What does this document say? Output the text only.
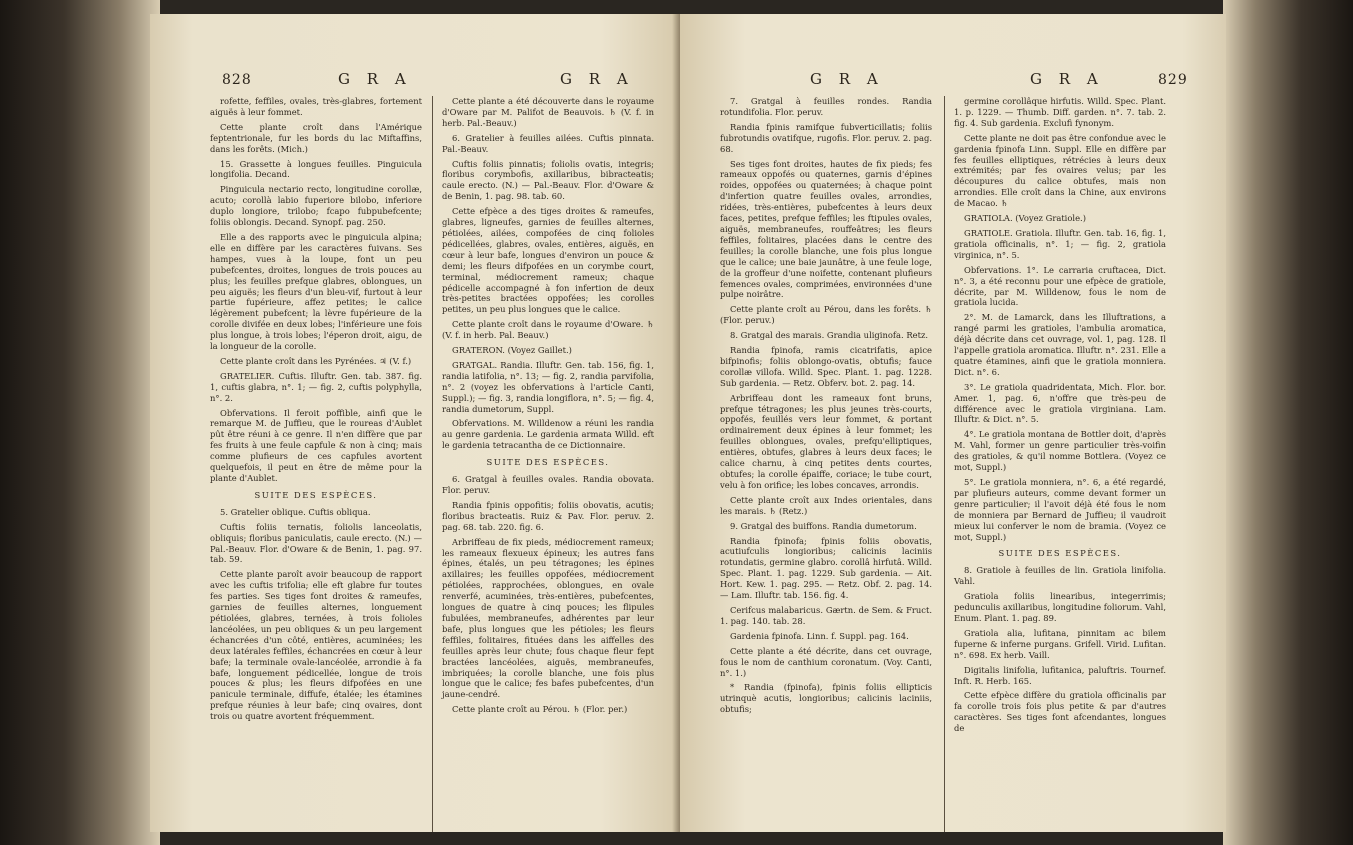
828	G R A	G R A

rofette, feffiles, ovales, très-glabres, fortement aiguës à leur fommet.

Cette plante croît dans l'Amérique feptentrionale, fur les bords du lac Miftaffins, dans les forêts. (Mich.)

15. Grassette à longues feuilles. Pinguicula longifolia. Decand.

Pinguicula nectario recto, longitudine corollæ, acuto; corollà labio fuperiore bilobo, inferiore duplo longiore, trilobo; fcapo fubpubefcente; foliis oblongis. Decand. Synopf. pag. 250.

Elle a des rapports avec le pinguicula alpina; elle en diffère par les caractères fuivans. Ses hampes, vues à la loupe, font un peu pubefcentes, droites, longues de trois pouces au plus; les feuilles prefque glabres, oblongues, un peu aiguës; les fleurs d'un bleu-vif, furtout à leur partie fupérieure, affez petites; le calice légèrement pubefcent; la lèvre fupérieure de la corolle divifée en deux lobes; l'inférieure une fois plus longue, à trois lobes; l'éperon droit, aigu, de la longueur de la corolle.

Cette plante croît dans les Pyrénées. ♃ (V. f.)

GRATELIER. Cuftis. Illuftr. Gen. tab. 387. fig. 1, cuftis glabra, n°. 1; — fig. 2, cuftis polyphylla, n°. 2.

Obfervations. Il feroit poffible, ainfi que le remarque M. de Juffieu, que le roureas d'Aublet pût être réuni à ce genre. Il n'en diffère que par fes fruits à une feule capfule & non à cinq; mais comme plufieurs de ces capfules avortent quelquefois, il peut en être de même pour la plante d'Aublet.

SUITE DES ESPÈCES.

5. Gratelier oblique. Cuftis obliqua.

Cuftis foliis ternatis, foliolis lanceolatis, obliquis; floribus paniculatis, caule erecto. (N.) — Pal.-Beauv. Flor. d'Oware & de Benin, 1. pag. 97. tab. 59.

Cette plante paroît avoir beaucoup de rapport avec les cuftis trifolia; elle eft glabre fur toutes fes parties. Ses tiges font droites & rameufes, garnies de feuilles alternes, longuement pétiolées, glabres, ternées, à trois folioles lancéolées, un peu obliques & un peu largement échancrées d'un côté, entières, acuminées; les deux latérales feffiles, échancrées en cœur à leur bafe; la terminale ovale-lancéolée, arrondie à fa bafe, longuement pédicellée, longue de trois pouces & plus; les fleurs difpofées en une panicule terminale, diffufe, étalée; les étamines prefque réunies à leur bafe; cinq ovaires, dont trois ou quatre avortent fréquemment.

Cette plante a été découverte dans le royaume d'Oware par M. Palifot de Beauvois. ♄ (V. f. in herb. Pal.-Beauv.)

6. Gratelier à feuilles ailées. Cuftis pinnata. Pal.-Beauv.

Cuftis foliis pinnatis; foliolis ovatis, integris; floribus corymbofis, axillaribus, bibracteatis; caule erecto. (N.) — Pal.-Beauv. Flor. d'Oware & de Benin, 1. pag. 98. tab. 60.

Cette efpèce a des tiges droites & rameufes, glabres, ligneufes, garnies de feuilles alternes, pétiolées, ailées, compofées de cinq folioles pédicellées, glabres, ovales, entières, aiguës, en cœur à leur bafe, longues d'environ un pouce & demi; les fleurs difpofées en un corymbe court, terminal, médiocrement rameux; chaque pédicelle accompagné à fon infertion de deux très-petites bractées oppofées; les corolles petites, un peu plus longues que le calice.

Cette plante croît dans le royaume d'Oware. ♄ (V. f. in herb. Pal. Beauv.)

GRATERON. (Voyez Gaillet.)

GRATGAL. Randia. Illuftr. Gen. tab. 156, fig. 1, randia latifolia, n°. 13; — fig. 2, randia parvifolia, n°. 2 (voyez les obfervations à l'article Canti, Suppl.); — fig. 3, randia longiflora, n°. 5; — fig. 4, randia dumetorum, Suppl.

Obfervations. M. Willdenow a réuni les randia au genre gardenia. Le gardenia armata Willd. eft le gardenia tetracantha de ce Dictionnaire.

SUITE DES ESPÈCES.

6. Gratgal à feuilles ovales. Randia obovata. Flor. peruv.

Randia fpinis oppofitis; foliis obovatis, acutis; floribus bracteatis. Ruiz & Pav. Flor. peruv. 2. pag. 68. tab. 220. fig. 6.

Arbriffeau de fix pieds, médiocrement rameux; les rameaux flexueux épineux; les autres fans épines, étalés, un peu tétragones; les épines axillaires; les feuilles oppofées, médiocrement pétiolées, rapprochées, oblongues, en ovale renverfé, acuminées, très-entières, pubefcentes, longues de quatre à cinq pouces; les flipules fubulées, membraneufes, adhérentes par leur bafe, plus longues que les pétioles; les fleurs feffiles, folitaires, fituées dans les aiffelles des feuilles après leur chute; fous chaque fleur fept bractées lancéolées, aiguës, membraneufes, imbriquées; la corolle blanche, une fois plus longue que le calice; fes bafes pubefcentes, d'un jaune-cendré.

Cette plante croît au Pérou. ♄ (Flor. per.)

G R A	G R A	829

7. Gratgal à feuilles rondes. Randia rotundifolia. Flor. peruv.

Randia fpinis ramifque fubverticillatis; foliis fubrotundis ovatifque, rugofis. Flor. peruv. 2. pag. 68.

Ses tiges font droites, hautes de fix pieds; fes rameaux oppofés ou quaternes, garnis d'épines roides, oppofées ou quaternées; à chaque point d'infertion quatre feuilles ovales, arrondies, ridées, très-entières, pubefcentes à leurs deux faces, petites, prefque feffiles; les ftipules ovales, aiguës, membraneufes, rouffeâtres; les fleurs feffiles, folitaires, placées dans le centre des feuilles; la corolle blanche, une fois plus longue que le calice; une baie jaunâtre, à une feule loge, de la groffeur d'une noifette, contenant plufieurs femences ovales, comprimées, environnées d'une pulpe noirâtre.

Cette plante croît au Pérou, dans les forêts. ♄ (Flor. peruv.)

8. Gratgal des marais. Grandia uliginofa. Retz.

Randia fpinofa, ramis cicatrifatis, apice bifpinofis; foliis oblongo-ovatis, obtufis; fauce corollæ villofa. Willd. Spec. Plant. 1. pag. 1228. Sub gardenia. — Retz. Obferv. bot. 2. pag. 14.

Arbriffeau dont les rameaux font bruns, prefque tétragones; les plus jeunes très-courts, oppofés, feuillés vers leur fommet, & portant ordinairement deux épines à leur fommet; les feuilles oblongues, ovales, prefqu'elliptiques, entières, obtufes, glabres à leurs deux faces; le calice charnu, à cinq petites dents courtes, obtufes; la corolle épaiffe, coriace; le tube court, velu à fon orifice; les lobes concaves, arrondis.

Cette plante croît aux Indes orientales, dans les marais. ♄ (Retz.)

9. Gratgal des buiffons. Randia dumetorum.

Randia fpinofa; fpinis foliis obovatis, acutiufculis longioribus; calicinis laciniis rotundatis, germine glabro. corollâ hirfutâ. Willd. Spec. Plant. 1. pag. 1229. Sub gardenia. — Ait. Hort. Kew. 1. pag. 295. — Retz. Obf. 2. pag. 14. — Lam. Illuftr. tab. 156. fig. 4.

Cerifcus malabaricus. Gærtn. de Sem. & Fruct. 1. pag. 140. tab. 28.

Gardenia fpinofa. Linn. f. Suppl. pag. 164.

Cette plante a été décrite, dans cet ouvrage, fous le nom de canthium coronatum. (Voy. Canti, n°. 1.)

* Randia (fpinofa), fpinis foliis ellipticis utrinquè acutis, longioribus; calicinis laciniis, obtufis;

germine corollâque hirfutis. Willd. Spec. Plant. 1. p. 1229. — Thumb. Diff. garden. n°. 7. tab. 2. fig. 4. Sub gardenia. Exclufi fynonym.

Cette plante ne doit pas être confondue avec le gardenia fpinofa Linn. Suppl. Elle en diffère par fes feuilles elliptiques, rétrécies à leurs deux extrémités; par fes ovaires velus; par les découpures du calice obtufes, mais non arrondies. Elle croît dans la Chine, aux environs de Macao. ♄

GRATIOLA. (Voyez Gratiole.)

GRATIOLE. Gratiola. Illuftr. Gen. tab. 16, fig. 1, gratiola officinalis, n°. 1; — fig. 2, gratiola virginica, n°. 5.

Obfervations. 1°. Le carraria cruftacea, Dict. n°. 3, a été reconnu pour une efpèce de gratiole, décrite, par M. Willdenow, fous le nom de gratiola lucida.

2°. M. de Lamarck, dans les Illuftrations, a rangé parmi les gratioles, l'ambulia aromatica, déjà décrite dans cet ouvrage, vol. 1, pag. 128. Il l'appelle gratiola aromatica. Illuftr. n°. 231. Elle a quatre étamines, ainfi que le gratiola monniera. Dict. n°. 6.

3°. Le gratiola quadridentata, Mich. Flor. bor. Amer. 1, pag. 6, n'offre que très-peu de différence avec le gratiola virginiana. Lam. Illuftr. & Dict. n°. 5.

4°. Le gratiola montana de Bottler doit, d'après M. Vahl, former un genre particulier très-voifin des gratioles, & qu'il nomme Bottlera. (Voyez ce mot, Suppl.)

5°. Le gratiola monniera, n°. 6, a été regardé, par plufieurs auteurs, comme devant former un genre particulier; il l'avoit déjà été fous le nom de monniera par Bernard de Juffieu; il vaudroit mieux lui conferver le nom de bramia. (Voyez ce mot, Suppl.)

SUITE DES ESPÈCES.

8. Gratiole à feuilles de lin. Gratiola linifolia. Vahl.

Gratiola foliis linearibus, integerrimis; pedunculis axillaribus, longitudine foliorum. Vahl, Enum. Plant. 1. pag. 89.

Gratiola alia, lufitana, pinnitam ac bilem fuperne & inferne purgans. Grifell. Virid. Lufitan. n°. 698. Ex herb. Vaill.

Digitalis linifolia, lufitanica, paluftris. Tournef. Inft. R. Herb. 165.

Cette efpèce diffère du gratiola officinalis par fa corolle trois fois plus petite & par d'autres caractères. Ses tiges font afcendantes, longues de
